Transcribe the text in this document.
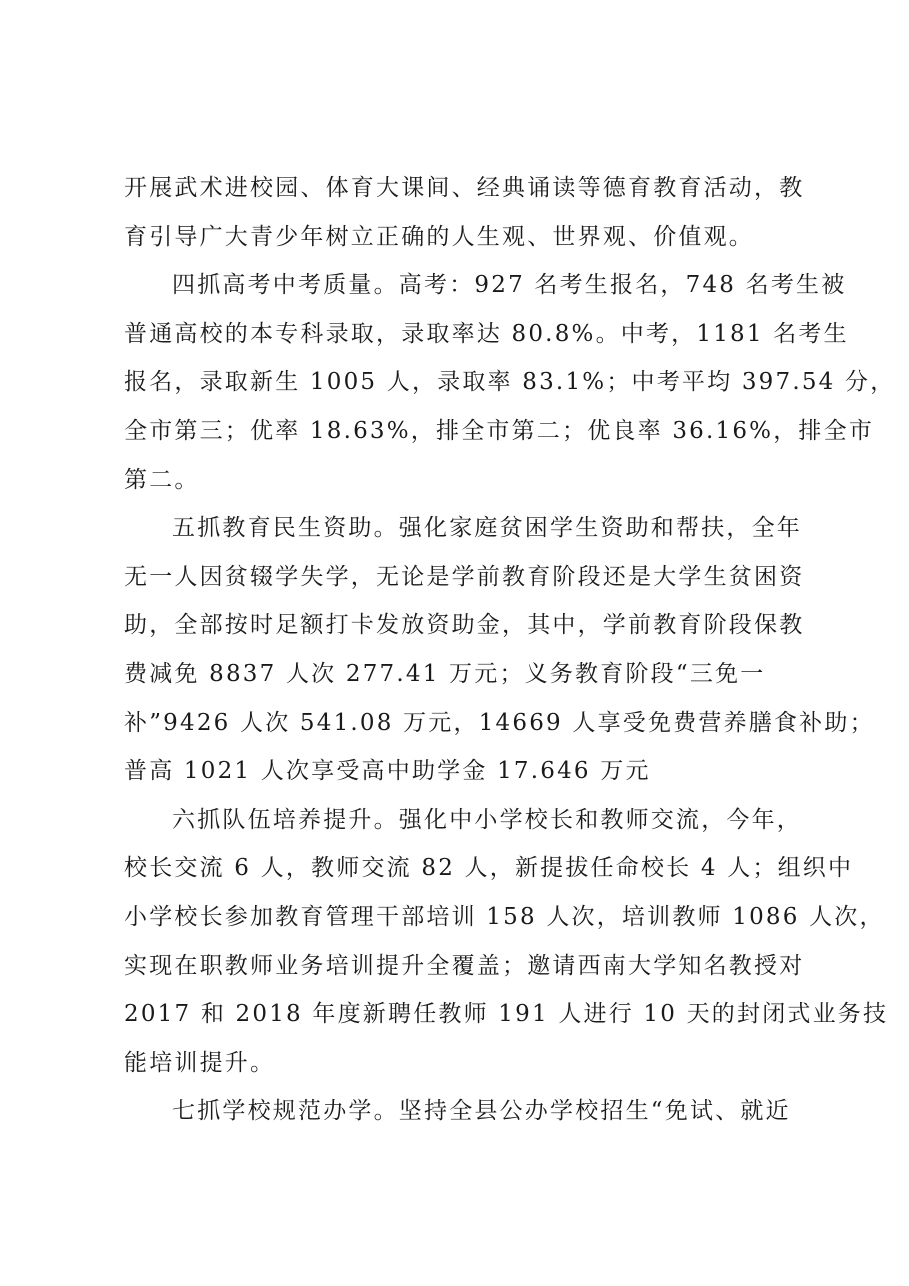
开展武术进校园、体育大课间、经典诵读等德育教育活动，教
育引导广大青少年树立正确的人生观、世界观、价值观。
四抓高考中考质量。高考：927 名考生报名，748 名考生被
普通高校的本专科录取，录取率达 80.8%。中考，1181 名考生
报名，录取新生 1005 人，录取率 83.1%；中考平均 397.54 分，
全市第三；优率 18.63%，排全市第二；优良率 36.16%，排全市
第二。
五抓教育民生资助。强化家庭贫困学生资助和帮扶，全年
无一人因贫辍学失学，无论是学前教育阶段还是大学生贫困资
助，全部按时足额打卡发放资助金，其中，学前教育阶段保教
费减免 8837 人次 277.41 万元；义务教育阶段“三免一
补”9426 人次 541.08 万元，14669 人享受免费营养膳食补助；
普高 1021 人次享受高中助学金 17.646 万元
六抓队伍培养提升。强化中小学校长和教师交流，今年，
校长交流 6 人，教师交流 82 人，新提拔任命校长 4 人；组织中
小学校长参加教育管理干部培训 158 人次，培训教师 1086 人次，
实现在职教师业务培训提升全覆盖；邀请西南大学知名教授对
2017 和 2018 年度新聘任教师 191 人进行 10 天的封闭式业务技
能培训提升。
七抓学校规范办学。坚持全县公办学校招生“免试、就近
